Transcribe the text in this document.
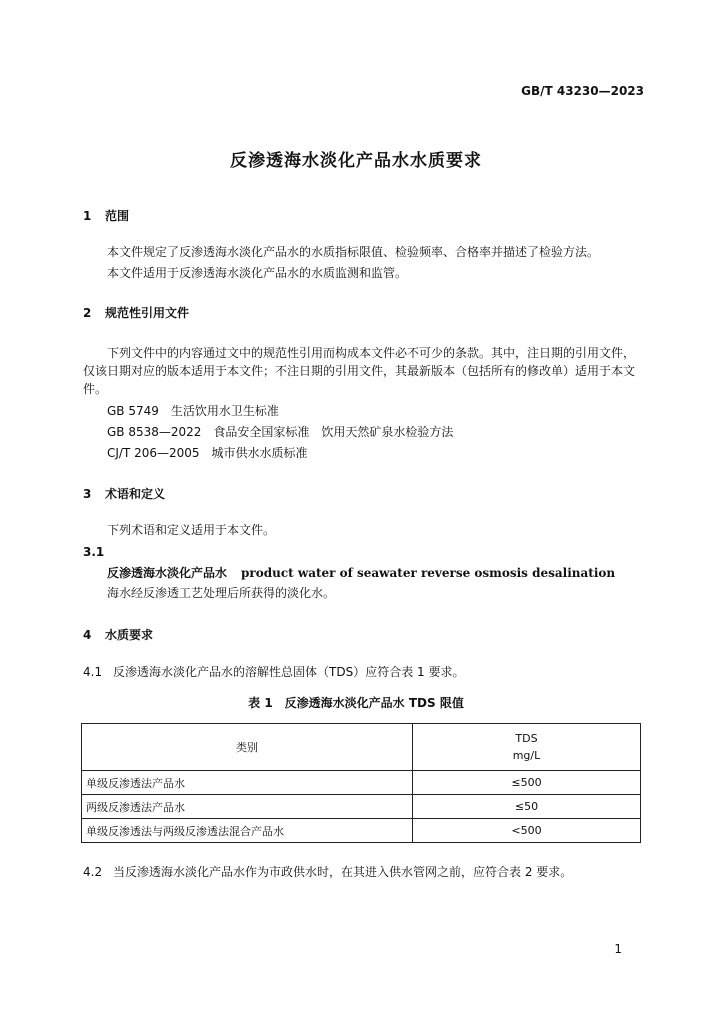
GB/T 43230—2023
反渗透海水淡化产品水水质要求
1 范围
本文件规定了反渗透海水淡化产品水的水质指标限值、检验频率、合格率并描述了检验方法。
本文件适用于反渗透海水淡化产品水的水质监测和监管。
2 规范性引用文件
下列文件中的内容通过文中的规范性引用而构成本文件必不可少的条款。其中，注日期的引用文件，仅该日期对应的版本适用于本文件；不注日期的引用文件，其最新版本（包括所有的修改单）适用于本文件。
GB 5749　生活饮用水卫生标准
GB 8538—2022　食品安全国家标准　饮用天然矿泉水检验方法
CJ/T 206—2005　城市供水水质标准
3 术语和定义
下列术语和定义适用于本文件。
3.1
反渗透海水淡化产品水 product water of seawater reverse osmosis desalination
海水经反渗透工艺处理后所获得的淡化水。
4 水质要求
4.1 反渗透海水淡化产品水的溶解性总固体（TDS）应符合表 1 要求。
表 1　反渗透海水淡化产品水 TDS 限值
类别	TDS
mg/L

单级反渗透法产品水	≤500
两级反渗透法产品水	≤50
单级反渗透法与两级反渗透法混合产品水	<500
4.2 当反渗透海水淡化产品水作为市政供水时，在其进入供水管网之前，应符合表 2 要求。
1
